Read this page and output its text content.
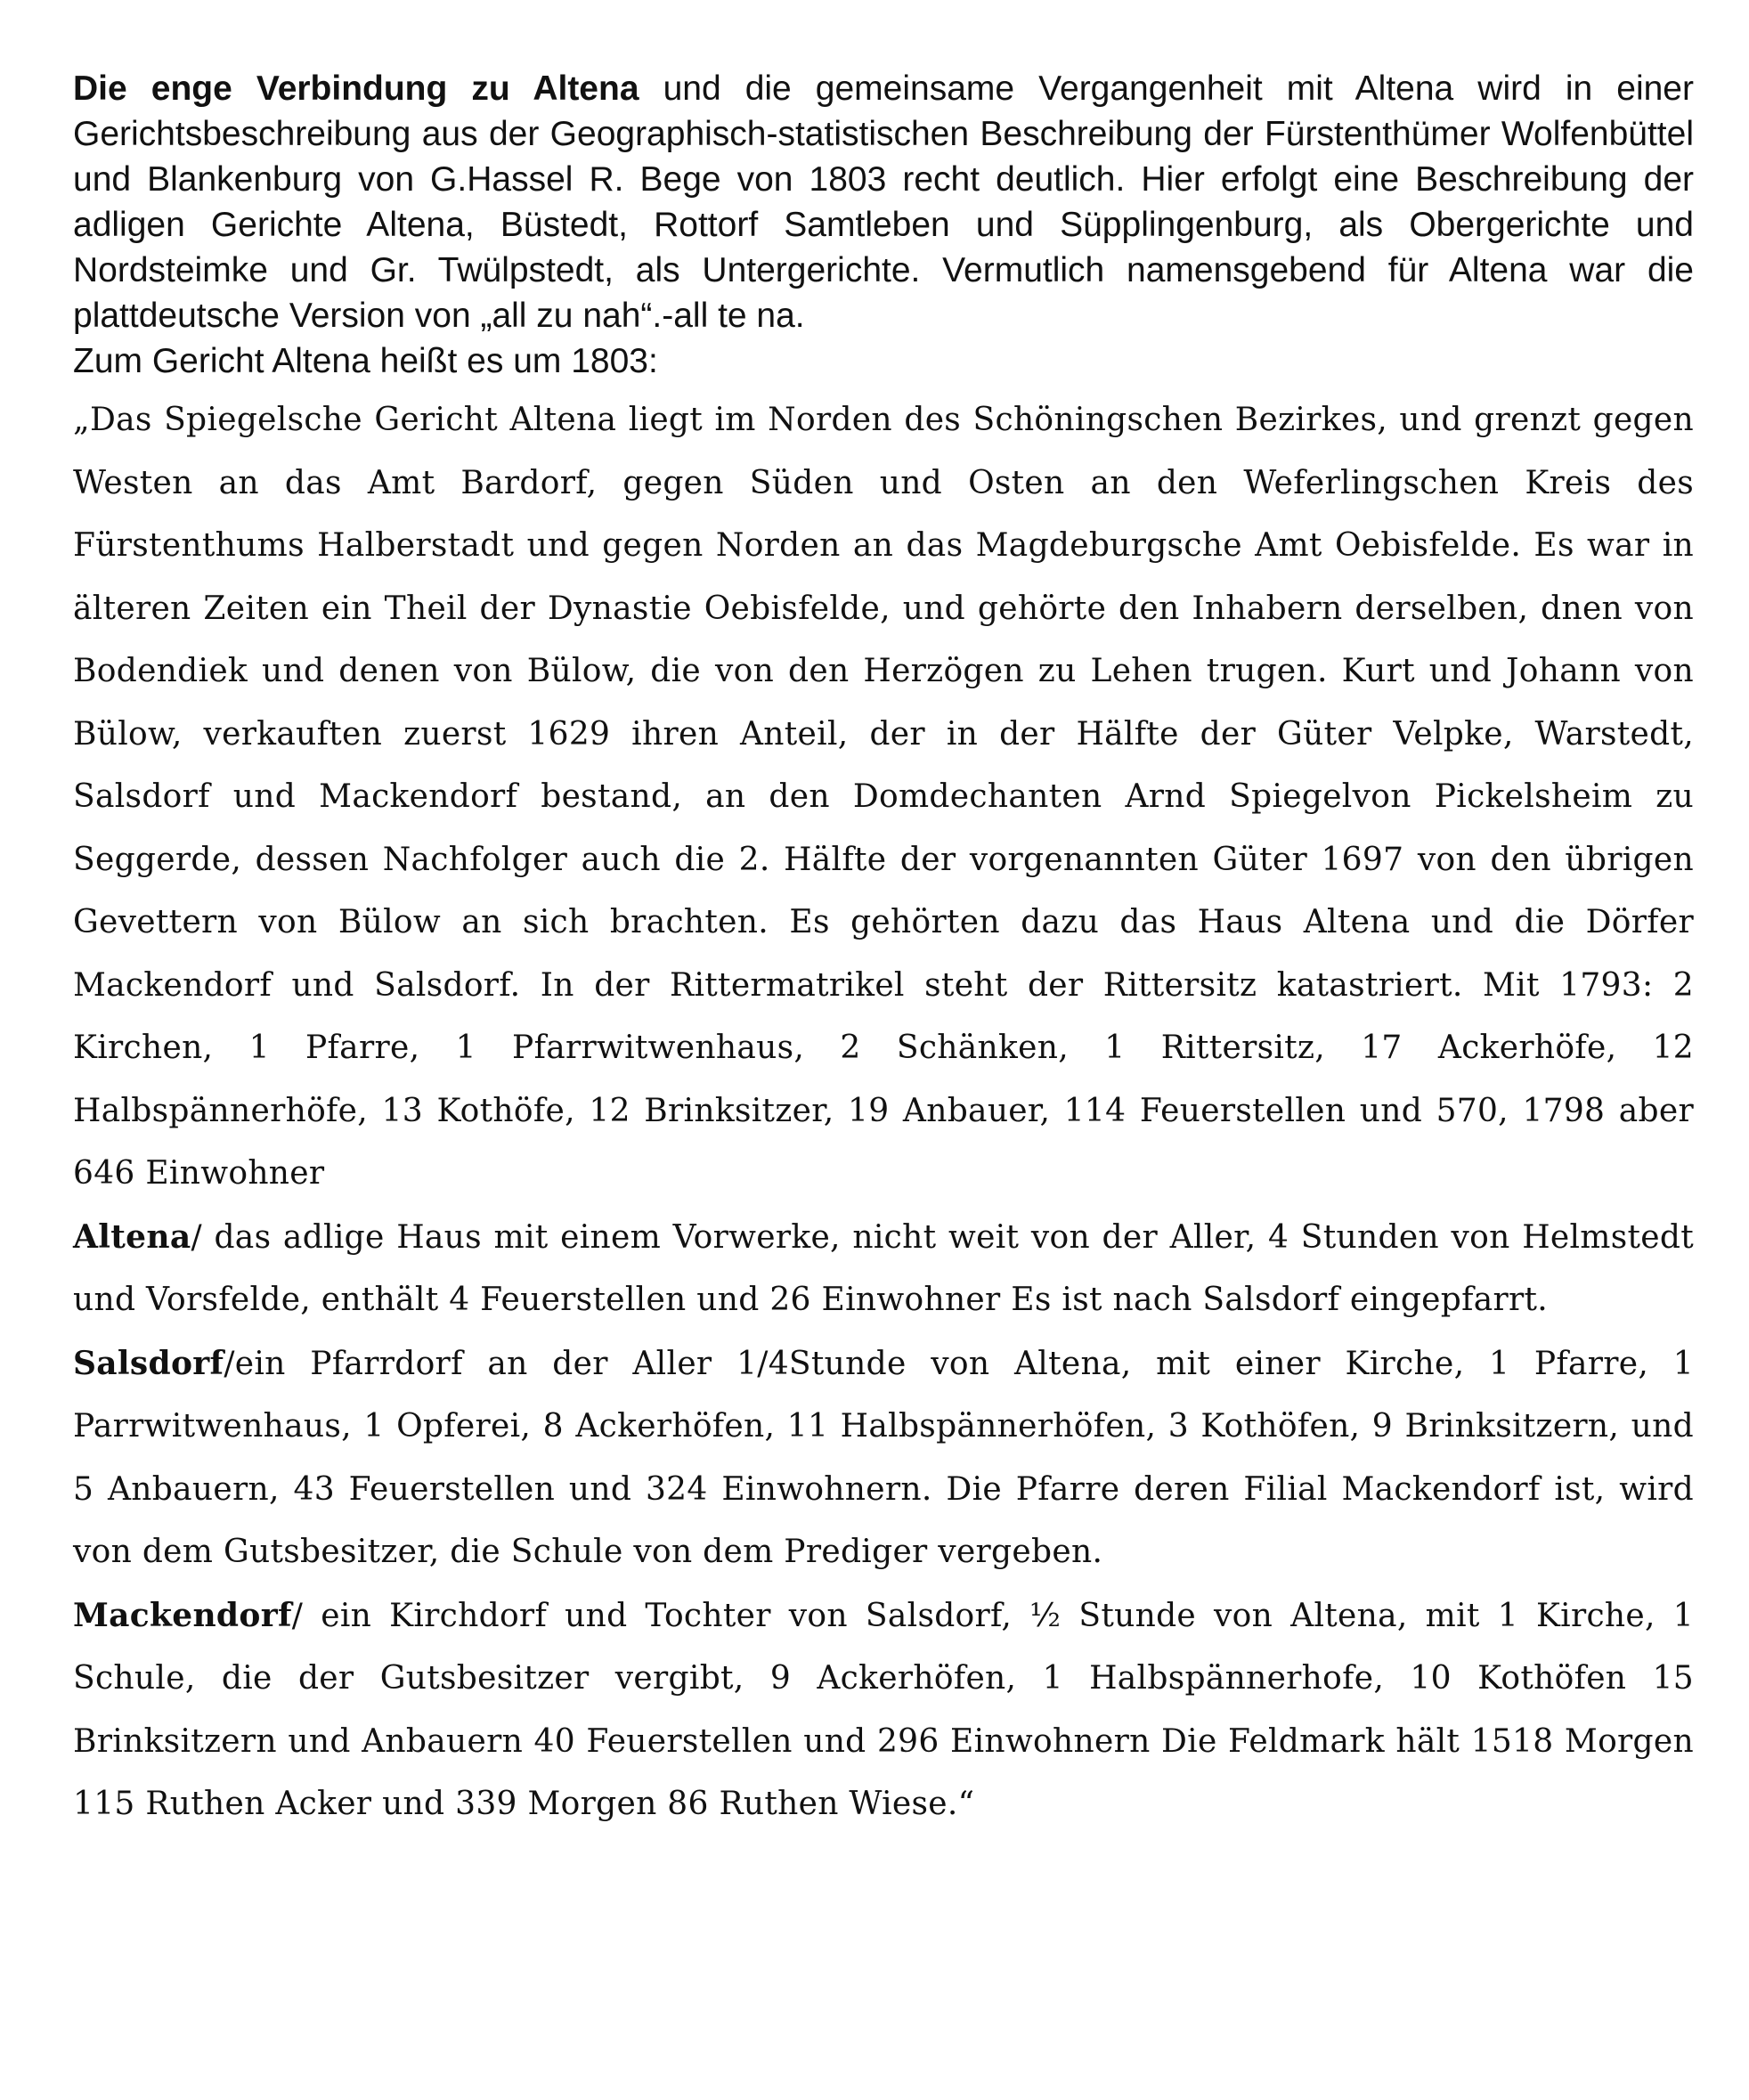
Die enge Verbindung zu Altena und die gemeinsame Vergangenheit mit Altena wird in einer Gerichtsbeschreibung aus der Geographisch-statistischen Beschreibung der Fürstenthümer Wolfenbüttel und Blankenburg von G.Hassel R. Bege von 1803 recht deutlich. Hier erfolgt eine Beschreibung der adligen Gerichte Altena, Büstedt, Rottorf Samtleben und Süpplingenburg, als Obergerichte und Nordsteimke und Gr. Twülpstedt, als Untergerichte. Vermutlich namensgebend für Altena war die plattdeutsche Version von „all zu nah“.-all te na.

Zum Gericht Altena heißt es um 1803:

„Das Spiegelsche Gericht Altena liegt im Norden des Schöningschen Bezirkes, und grenzt gegen Westen an das Amt Bardorf, gegen Süden und Osten an den Weferlingschen Kreis des Fürstenthums Halberstadt und gegen Norden an das Magdeburgsche Amt Oebisfelde. Es war in älteren Zeiten ein Theil der Dynastie Oebisfelde, und gehörte den Inhabern derselben, dnen von Bodendiek und denen von Bülow, die von den Herzögen zu Lehen trugen. Kurt und Johann von Bülow, verkauften zuerst 1629 ihren Anteil, der in der Hälfte der Güter Velpke, Warstedt, Salsdorf und Mackendorf bestand, an den Domdechanten Arnd Spiegelvon Pickelsheim zu Seggerde, dessen Nachfolger auch die 2. Hälfte der vorgenannten Güter 1697 von den übrigen Gevettern von Bülow an sich brachten. Es gehörten dazu das Haus Altena und die Dörfer Mackendorf und Salsdorf. In der Rittermatrikel steht der Rittersitz katastriert. Mit 1793: 2 Kirchen, 1 Pfarre, 1 Pfarrwitwenhaus, 2 Schänken, 1 Rittersitz, 17 Ackerhöfe, 12 Halbspännerhöfe, 13 Kothöfe, 12 Brinksitzer, 19 Anbauer, 114 Feuerstellen und 570, 1798 aber 646 Einwohner

Altena/ das adlige Haus mit einem Vorwerke, nicht weit von der Aller, 4 Stunden von Helmstedt und Vorsfelde, enthält 4 Feuerstellen und 26 Einwohner Es ist nach Salsdorf eingepfarrt.

Salsdorf/ein Pfarrdorf an der Aller 1/4Stunde von Altena, mit einer Kirche, 1 Pfarre, 1 Parrwitwenhaus, 1 Opferei, 8 Ackerhöfen, 11 Halbspännerhöfen, 3 Kothöfen, 9 Brinksitzern, und 5 Anbauern, 43 Feuerstellen und 324 Einwohnern. Die Pfarre deren Filial Mackendorf ist, wird von dem Gutsbesitzer, die Schule von dem Prediger vergeben.

Mackendorf/ ein Kirchdorf und Tochter von Salsdorf, ½ Stunde von Altena, mit 1 Kirche, 1 Schule, die der Gutsbesitzer vergibt, 9 Ackerhöfen, 1 Halbspännerhofe, 10 Kothöfen 15 Brinksitzern und Anbauern 40 Feuerstellen und 296 Einwohnern Die Feldmark hält 1518 Morgen 115 Ruthen Acker und 339 Morgen 86 Ruthen Wiese.“
